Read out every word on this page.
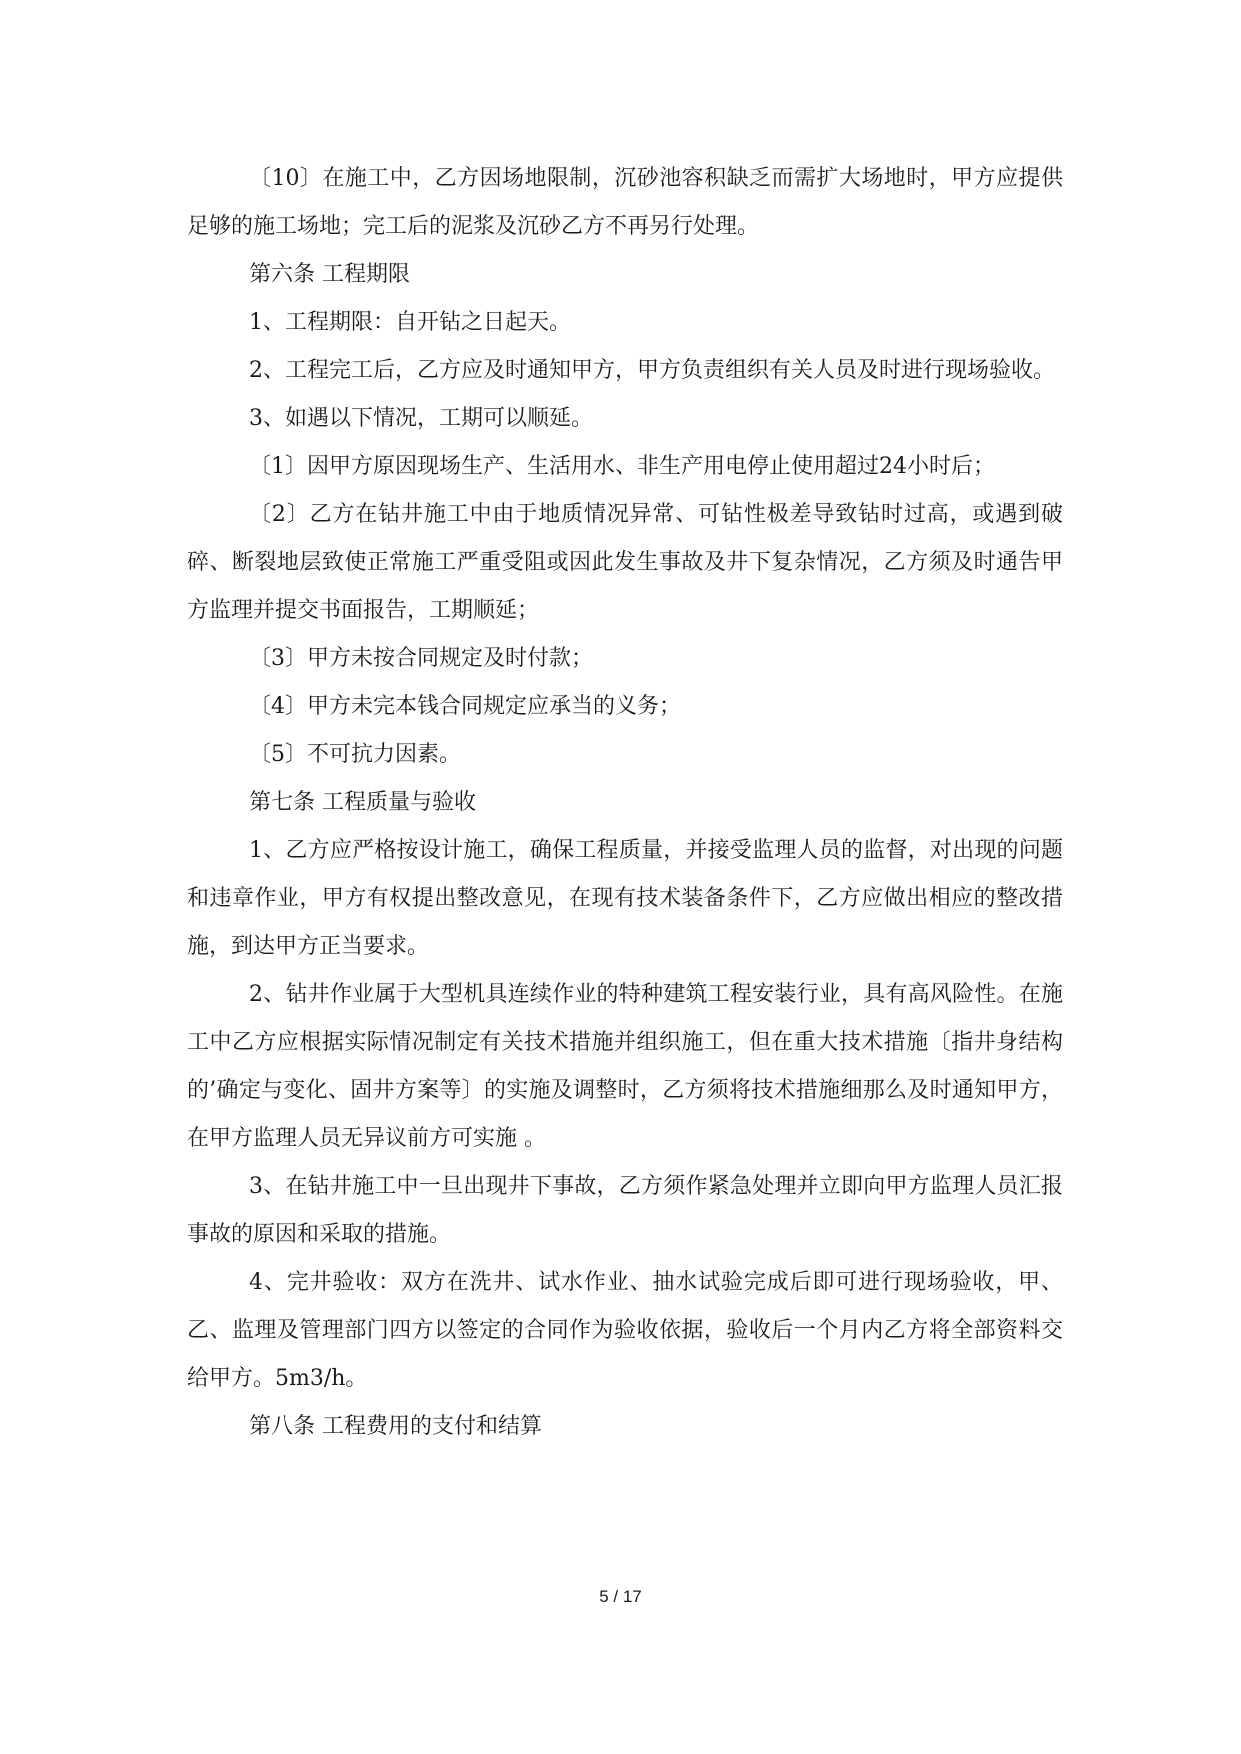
〔10〕在施工中，乙方因场地限制，沉砂池容积缺乏而需扩大场地时，甲方应提供足够的施工场地；完工后的泥浆及沉砂乙方不再另行处理。

第六条 工程期限

1、工程期限：自开钻之日起天。

2、工程完工后，乙方应及时通知甲方，甲方负责组织有关人员及时进行现场验收。

3、如遇以下情况，工期可以顺延。

〔1〕因甲方原因现场生产、生活用水、非生产用电停止使用超过24小时后；

〔2〕乙方在钻井施工中由于地质情况异常、可钻性极差导致钻时过高，或遇到破碎、断裂地层致使正常施工严重受阻或因此发生事故及井下复杂情况，乙方须及时通告甲方监理并提交书面报告，工期顺延；

〔3〕甲方未按合同规定及时付款；

〔4〕甲方未完本钱合同规定应承当的义务；

〔5〕不可抗力因素。

第七条 工程质量与验收

1、乙方应严格按设计施工，确保工程质量，并接受监理人员的监督，对出现的问题和违章作业，甲方有权提出整改意见，在现有技术装备条件下，乙方应做出相应的整改措施，到达甲方正当要求。

2、钻井作业属于大型机具连续作业的特种建筑工程安装行业，具有高风险性。在施工中乙方应根据实际情况制定有关技术措施并组织施工，但在重大技术措施〔指井身结构的’确定与变化、固井方案等〕的实施及调整时，乙方须将技术措施细那么及时通知甲方，在甲方监理人员无异议前方可实施 。

3、在钻井施工中一旦出现井下事故，乙方须作紧急处理并立即向甲方监理人员汇报事故的原因和采取的措施。

4、完井验收：双方在洗井、试水作业、抽水试验完成后即可进行现场验收，甲、乙、监理及管理部门四方以签定的合同作为验收依据，验收后一个月内乙方将全部资料交给甲方。5m3/h。

第八条 工程费用的支付和结算

5 / 17
